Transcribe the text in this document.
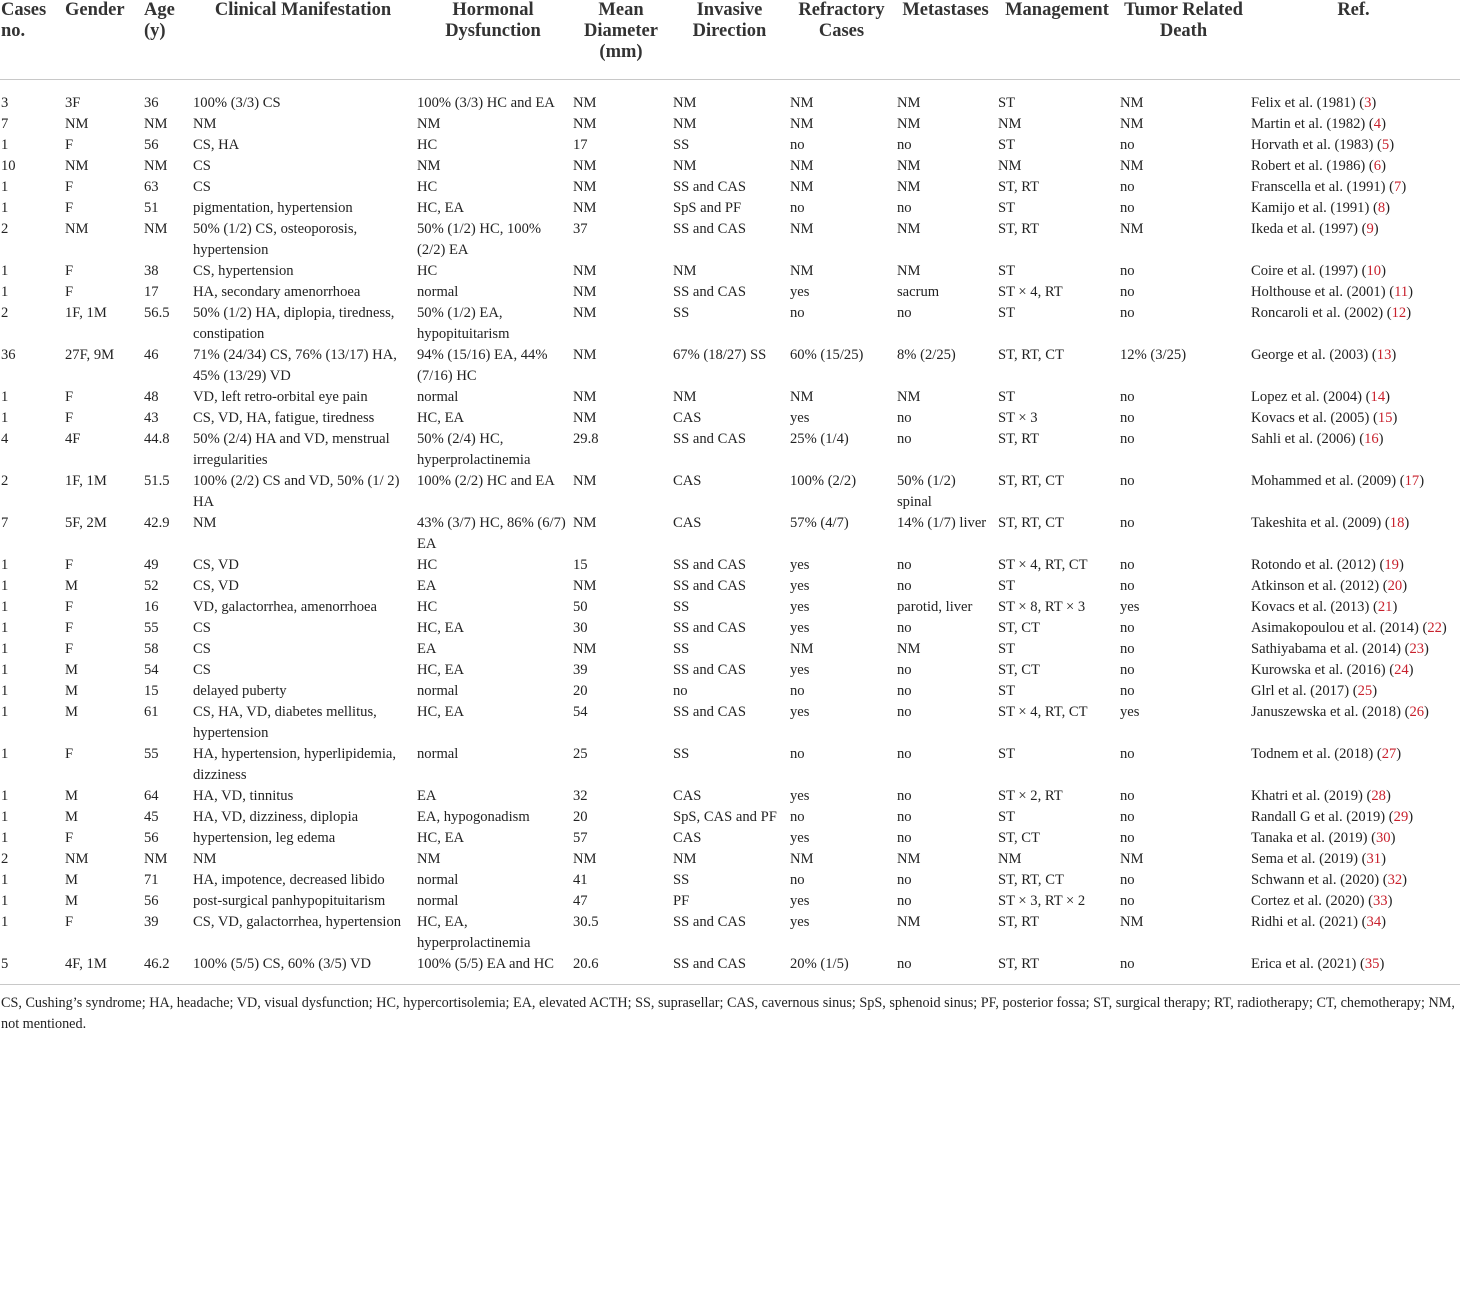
Cases no.	Gender	Age (y)	Clinical Manifestation	Hormonal Dysfunction	Mean Diameter (mm)	Invasive Direction	Refractory Cases	Metastases	Management	Tumor Related Death	Ref.
3	3F	36	100% (3/3) CS	100% (3/3) HC and EA	NM	NM	NM	NM	ST	NM	Felix et al. (1981) (3)
7	NM	NM	NM	NM	NM	NM	NM	NM	NM	NM	Martin et al. (1982) (4)
1	F	56	CS, HA	HC	17	SS	no	no	ST	no	Horvath et al. (1983) (5)
10	NM	NM	CS	NM	NM	NM	NM	NM	NM	NM	Robert et al. (1986) (6)
1	F	63	CS	HC	NM	SS and CAS	NM	NM	ST, RT	no	Franscella et al. (1991) (7)
1	F	51	pigmentation, hypertension	HC, EA	NM	SpS and PF	no	no	ST	no	Kamijo et al. (1991) (8)
2	NM	NM	50% (1/2) CS, osteoporosis, hypertension	50% (1/2) HC, 100% (2/2) EA	37	SS and CAS	NM	NM	ST, RT	NM	Ikeda et al. (1997) (9)
1	F	38	CS, hypertension	HC	NM	NM	NM	NM	ST	no	Coire et al. (1997) (10)
1	F	17	HA, secondary amenorrhoea	normal	NM	SS and CAS	yes	sacrum	ST × 4, RT	no	Holthouse et al. (2001) (11)
2	1F, 1M	56.5	50% (1/2) HA, diplopia, tiredness, constipation	50% (1/2) EA, hypopituitarism	NM	SS	no	no	ST	no	Roncaroli et al. (2002) (12)
36	27F, 9M	46	71% (24/34) CS, 76% (13/17) HA, 45% (13/29) VD	94% (15/16) EA, 44% (7/16) HC	NM	67% (18/27) SS	60% (15/25)	8% (2/25)	ST, RT, CT	12% (3/25)	George et al. (2003) (13)
1	F	48	VD, left retro-orbital eye pain	normal	NM	NM	NM	NM	ST	no	Lopez et al. (2004) (14)
1	F	43	CS, VD, HA, fatigue, tiredness	HC, EA	NM	CAS	yes	no	ST × 3	no	Kovacs et al. (2005) (15)
4	4F	44.8	50% (2/4) HA and VD, menstrual irregularities	50% (2/4) HC, hyperprolactinemia	29.8	SS and CAS	25% (1/4)	no	ST, RT	no	Sahli et al. (2006) (16)
2	1F, 1M	51.5	100% (2/2) CS and VD, 50% (1/ 2) HA	100% (2/2) HC and EA	NM	CAS	100% (2/2)	50% (1/2) spinal	ST, RT, CT	no	Mohammed et al. (2009) (17)
7	5F, 2M	42.9	NM	43% (3/7) HC, 86% (6/7) EA	NM	CAS	57% (4/7)	14% (1/7) liver	ST, RT, CT	no	Takeshita et al. (2009) (18)
1	F	49	CS, VD	HC	15	SS and CAS	yes	no	ST × 4, RT, CT	no	Rotondo et al. (2012) (19)
1	M	52	CS, VD	EA	NM	SS and CAS	yes	no	ST	no	Atkinson et al. (2012) (20)
1	F	16	VD, galactorrhea, amenorrhoea	HC	50	SS	yes	parotid, liver	ST × 8, RT × 3	yes	Kovacs et al. (2013) (21)
1	F	55	CS	HC, EA	30	SS and CAS	yes	no	ST, CT	no	Asimakopoulou et al. (2014) (22)
1	F	58	CS	EA	NM	SS	NM	NM	ST	no	Sathiyabama et al. (2014) (23)
1	M	54	CS	HC, EA	39	SS and CAS	yes	no	ST, CT	no	Kurowska et al. (2016) (24)
1	M	15	delayed puberty	normal	20	no	no	no	ST	no	Glrl et al. (2017) (25)
1	M	61	CS, HA, VD, diabetes mellitus, hypertension	HC, EA	54	SS and CAS	yes	no	ST × 4, RT, CT	yes	Januszewska et al. (2018) (26)
1	F	55	HA, hypertension, hyperlipidemia, dizziness	normal	25	SS	no	no	ST	no	Todnem et al. (2018) (27)
1	M	64	HA, VD, tinnitus	EA	32	CAS	yes	no	ST × 2, RT	no	Khatri et al. (2019) (28)
1	M	45	HA, VD, dizziness, diplopia	EA, hypogonadism	20	SpS, CAS and PF	no	no	ST	no	Randall G et al. (2019) (29)
1	F	56	hypertension, leg edema	HC, EA	57	CAS	yes	no	ST, CT	no	Tanaka et al. (2019) (30)
2	NM	NM	NM	NM	NM	NM	NM	NM	NM	NM	Sema et al. (2019) (31)
1	M	71	HA, impotence, decreased libido	normal	41	SS	no	no	ST, RT, CT	no	Schwann et al. (2020) (32)
1	M	56	post-surgical panhypopituitarism	normal	47	PF	yes	no	ST × 3, RT × 2	no	Cortez et al. (2020) (33)
1	F	39	CS, VD, galactorrhea, hypertension	HC, EA, hyperprolactinemia	30.5	SS and CAS	yes	NM	ST, RT	NM	Ridhi et al. (2021) (34)
5	4F, 1M	46.2	100% (5/5) CS, 60% (3/5) VD	100% (5/5) EA and HC	20.6	SS and CAS	20% (1/5)	no	ST, RT	no	Erica et al. (2021) (35)

CS, Cushing’s syndrome; HA, headache; VD, visual dysfunction; HC, hypercortisolemia; EA, elevated ACTH; SS, suprasellar; CAS, cavernous sinus; SpS, sphenoid sinus; PF, posterior fossa; ST, surgical therapy; RT, radiotherapy; CT, chemotherapy; NM, not mentioned.											
